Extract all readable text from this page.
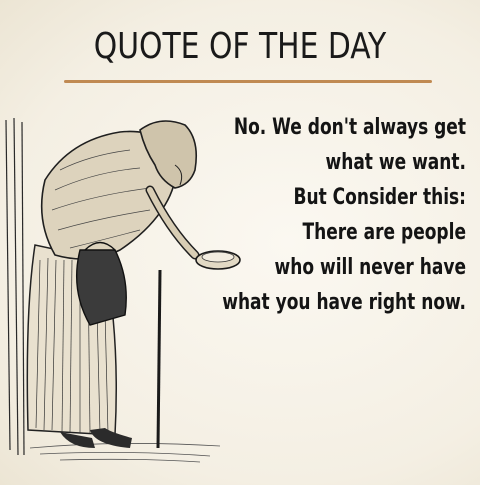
QUOTE OF THE DAY
No. We don't always get
what we want.
But Consider this:
There are people
who will never have
what you have right now.
